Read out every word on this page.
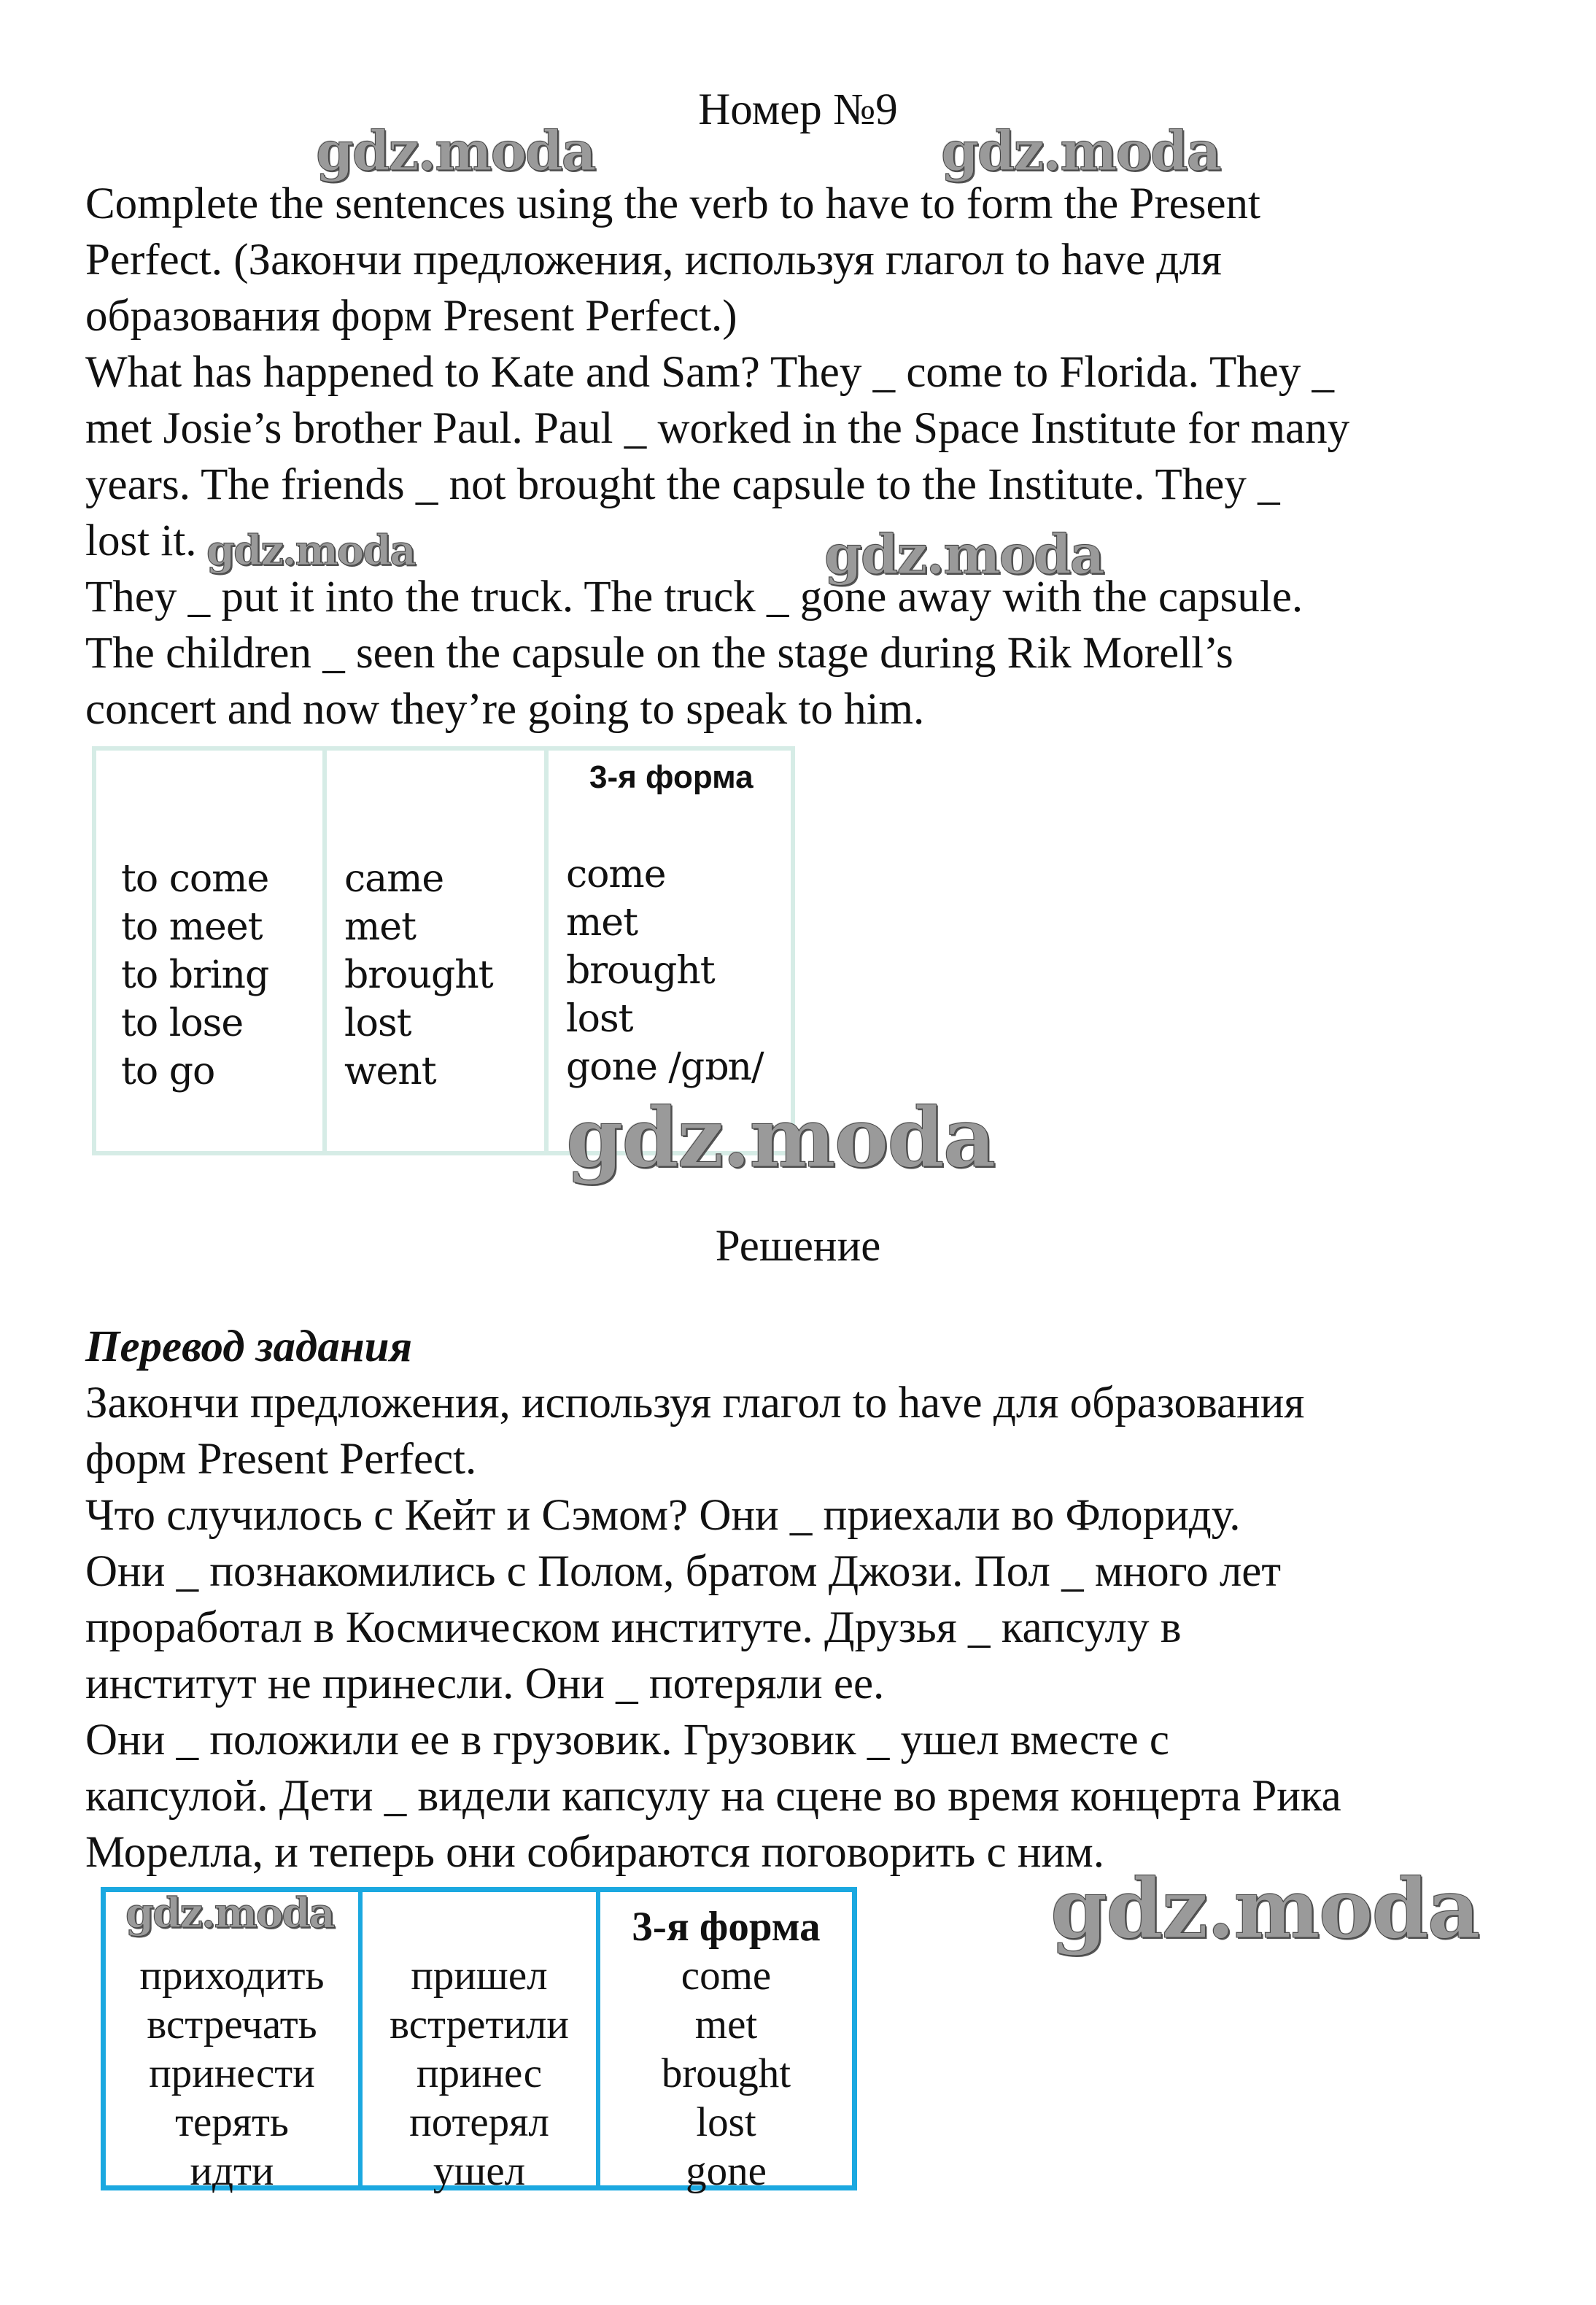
Номер №9
Complete the sentences using the verb to have to form the Present
Perfect. (Закончи предложения, используя глагол to have для
образования форм Present Perfect.)
What has happened to Kate and Sam? They _ come to Florida. They _
met Josie’s brother Paul. Paul _ worked in the Space Institute for many
years. The friends _ not brought the capsule to the Institute. They _
lost it.
They _ put it into the truck. The truck _ gone away with the capsule.
The children _ seen the capsule on the stage during Rik Morell’s
concert and now they’re going to speak to him.
3-я форма
to come
to meet
to bring
to lose
to go
came
met
brought
lost
went
come
met
brought
lost
gone /gɒn/
Решение
Перевод задания
Закончи предложения, используя глагол to have для образования
форм Present Perfect.
Что случилось с Кейт и Сэмом? Они _ приехали во Флориду.
Они _ познакомились с Полом, братом Джози. Пол _ много лет
проработал в Космическом институте. Друзья _ капсулу в
институт не принесли. Они _ потеряли ее.
Они _ положили ее в грузовик. Грузовик _ ушел вместе с
капсулой. Дети _ видели капсулу на сцене во время концерта Рика
Морелла, и теперь они собираются поговорить с ним.
приходить
встречать
принести
терять
идти
пришел
встретили
принес
потерял
ушел
3-я форма
come
met
brought
lost
gone
gdz.moda	gdz.moda
gdz.moda	gdz.moda
gdz.moda
gdz.moda
gdz.moda
